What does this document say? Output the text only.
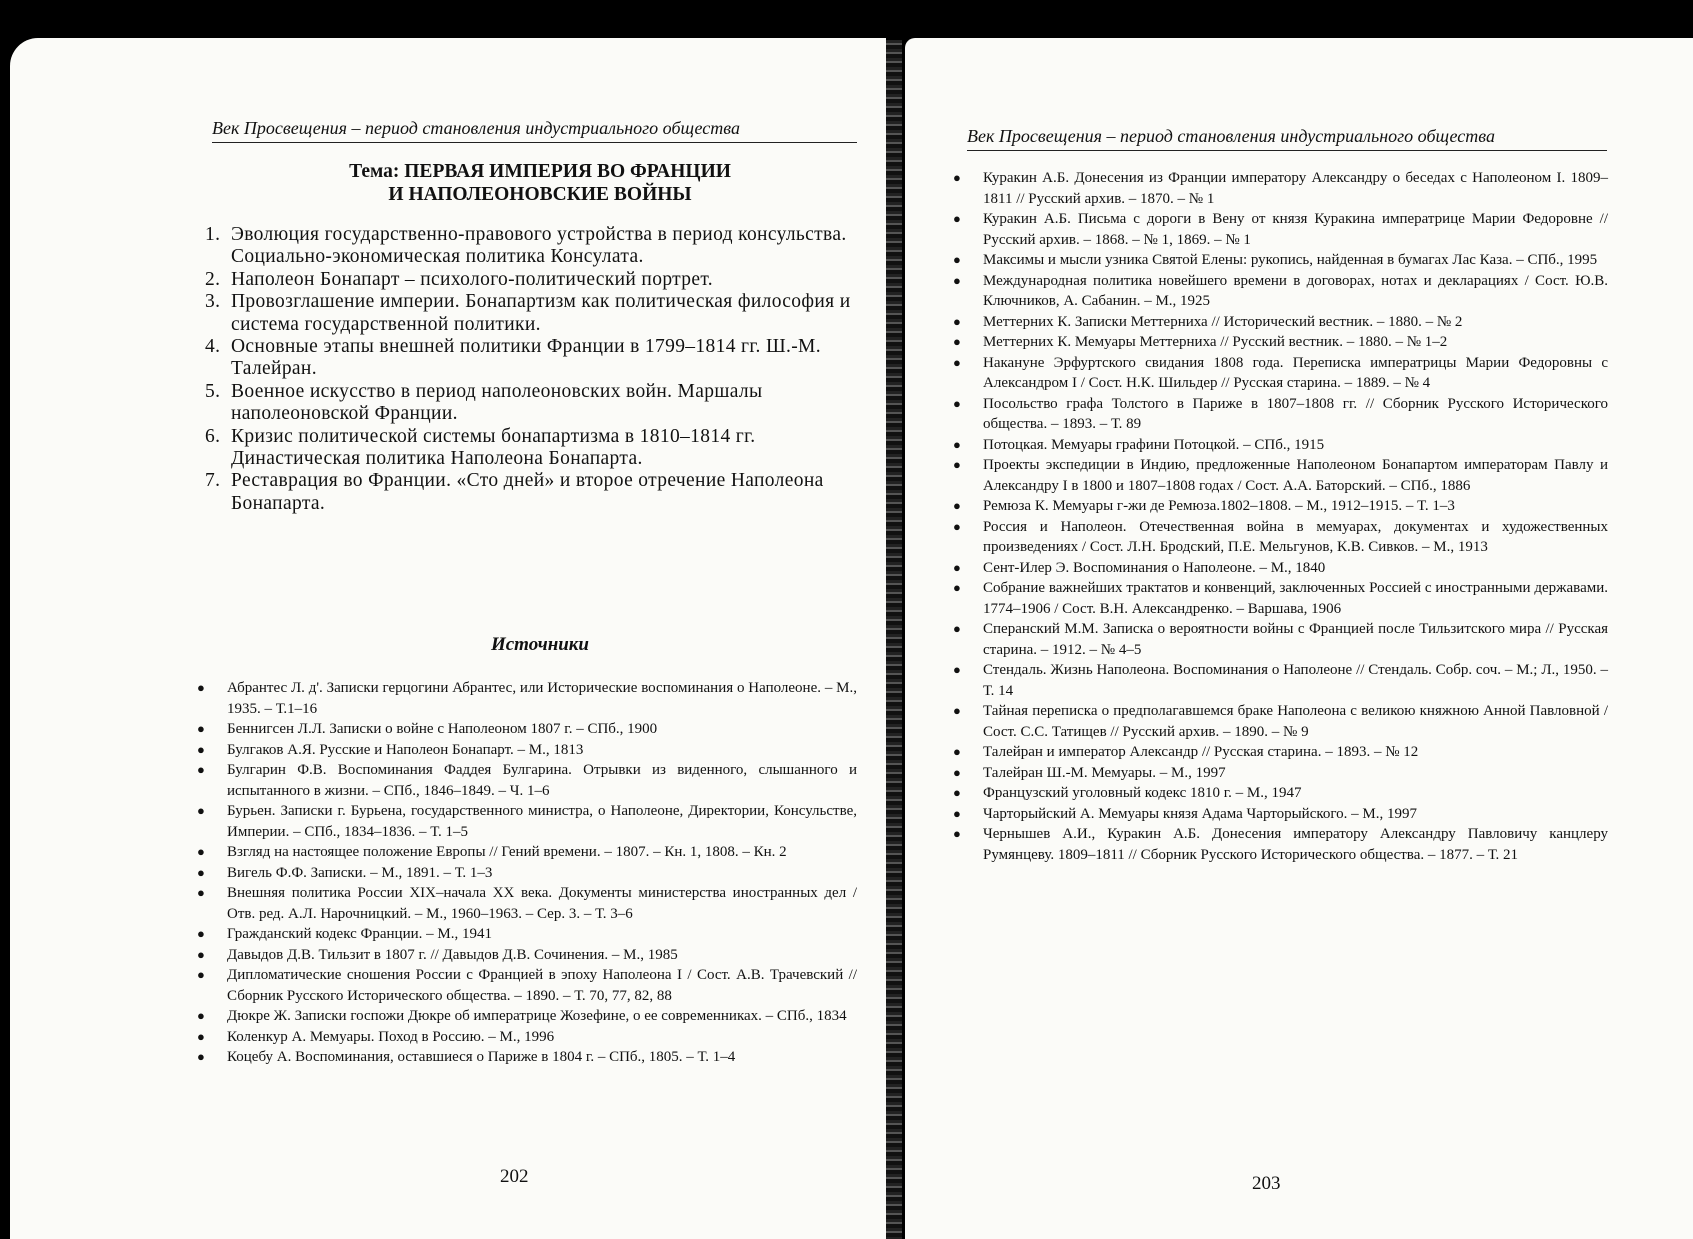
Век Просвещения – период становления индустриального общества
Тема: ПЕРВАЯ ИМПЕРИЯ ВО ФРАНЦИИ
И НАПОЛЕОНОВСКИЕ ВОЙНЫ
1. Эволюция государственно-правового устройства в период консульства. Социально-экономическая политика Консулата.
2. Наполеон Бонапарт – психолого-политический портрет.
3. Провозглашение империи. Бонапартизм как политическая философия и система государственной политики.
4. Основные этапы внешней политики Франции в 1799–1814 гг. Ш.-М. Талейран.
5. Военное искусство в период наполеоновских войн. Маршалы наполеоновской Франции.
6. Кризис политической системы бонапартизма в 1810–1814 гг. Династическая политика Наполеона Бонапарта.
7. Реставрация во Франции. «Сто дней» и второе отречение Наполеона Бонапарта.
Источники
●	Абрантес Л. д'. Записки герцогини Абрантес, или Исторические воспоминания о Наполеоне. – М., 1935. – Т.1–16
●	Беннигсен Л.Л. Записки о войне с Наполеоном 1807 г. – СПб., 1900
●	Булгаков А.Я. Русские и Наполеон Бонапарт. – М., 1813
●	Булгарин Ф.В. Воспоминания Фаддея Булгарина. Отрывки из виденного, слышанного и испытанного в жизни. – СПб., 1846–1849. – Ч. 1–6
●	Бурьен. Записки г. Бурьена, государственного министра, о Наполеоне, Директории, Консульстве, Империи. – СПб., 1834–1836. – Т. 1–5
●	Взгляд на настоящее положение Европы // Гений времени. – 1807. – Кн. 1, 1808. – Кн. 2
●	Вигель Ф.Ф. Записки. – М., 1891. – Т. 1–3
●	Внешняя политика России XIX–начала XX века. Документы министерства иностранных дел / Отв. ред. А.Л. Нарочницкий. – М., 1960–1963. – Сер. 3. – Т. 3–6
●	Гражданский кодекс Франции. – М., 1941
●	Давыдов Д.В. Тильзит в 1807 г. // Давыдов Д.В. Сочинения. – М., 1985
●	Дипломатические сношения России с Францией в эпоху Наполеона I / Сост. А.В. Трачевский // Сборник Русского Исторического общества. – 1890. – Т. 70, 77, 82, 88
●	Дюкре Ж. Записки госпожи Дюкре об императрице Жозефине, о ее современниках. – СПб., 1834
●	Коленкур А. Мемуары. Поход в Россию. – М., 1996
●	Коцебу А. Воспоминания, оставшиеся о Париже в 1804 г. – СПб., 1805. – Т. 1–4
202
Век Просвещения – период становления индустриального общества
●	Куракин А.Б. Донесения из Франции императору Александру о беседах с Наполеоном I. 1809–1811 // Русский архив. – 1870. – № 1
●	Куракин А.Б. Письма с дороги в Вену от князя Куракина императрице Марии Федоровне // Русский архив. – 1868. – № 1, 1869. – № 1
●	Максимы и мысли узника Святой Елены: рукопись, найденная в бумагах Лас Каза. – СПб., 1995
●	Международная политика новейшего времени в договорах, нотах и декларациях / Сост. Ю.В. Ключников, А. Сабанин. – М., 1925
●	Меттерних К. Записки Меттерниха // Исторический вестник. – 1880. – № 2
●	Меттерних К. Мемуары Меттерниха // Русский вестник. – 1880. – № 1–2
●	Накануне Эрфуртского свидания 1808 года. Переписка императрицы Марии Федоровны с Александром I / Сост. Н.К. Шильдер // Русская старина. – 1889. – № 4
●	Посольство графа Толстого в Париже в 1807–1808 гг. // Сборник Русского Исторического общества. – 1893. – Т. 89
●	Потоцкая. Мемуары графини Потоцкой. – СПб., 1915
●	Проекты экспедиции в Индию, предложенные Наполеоном Бонапартом императорам Павлу и Александру I в 1800 и 1807–1808 годах / Сост. А.А. Баторский. – СПб., 1886
●	Ремюза К. Мемуары г-жи де Ремюза.1802–1808. – М., 1912–1915. – Т. 1–3
●	Россия и Наполеон. Отечественная война в мемуарах, документах и художественных произведениях / Сост. Л.Н. Бродский, П.Е. Мельгунов, К.В. Сивков. – М., 1913
●	Сент-Илер Э. Воспоминания о Наполеоне. – М., 1840
●	Собрание важнейших трактатов и конвенций, заключенных Россией с иностранными державами. 1774–1906 / Сост. В.Н. Александренко. – Варшава, 1906
●	Сперанский М.М. Записка о вероятности войны с Францией после Тильзитского мира // Русская старина. – 1912. – № 4–5
●	Стендаль. Жизнь Наполеона. Воспоминания о Наполеоне // Стендаль. Собр. соч. – М.; Л., 1950. – Т. 14
●	Тайная переписка о предполагавшемся браке Наполеона с великою княжною Анной Павловной / Сост. С.С. Татищев // Русский архив. – 1890. – № 9
●	Талейран и император Александр // Русская старина. – 1893. – № 12
●	Талейран Ш.-М. Мемуары. – М., 1997
●	Французский уголовный кодекс 1810 г. – М., 1947
●	Чарторыйский А. Мемуары князя Адама Чарторыйского. – М., 1997
●	Чернышев А.И., Куракин А.Б. Донесения императору Александру Павловичу канцлеру Румянцеву. 1809–1811 // Сборник Русского Исторического общества. – 1877. – Т. 21
203
